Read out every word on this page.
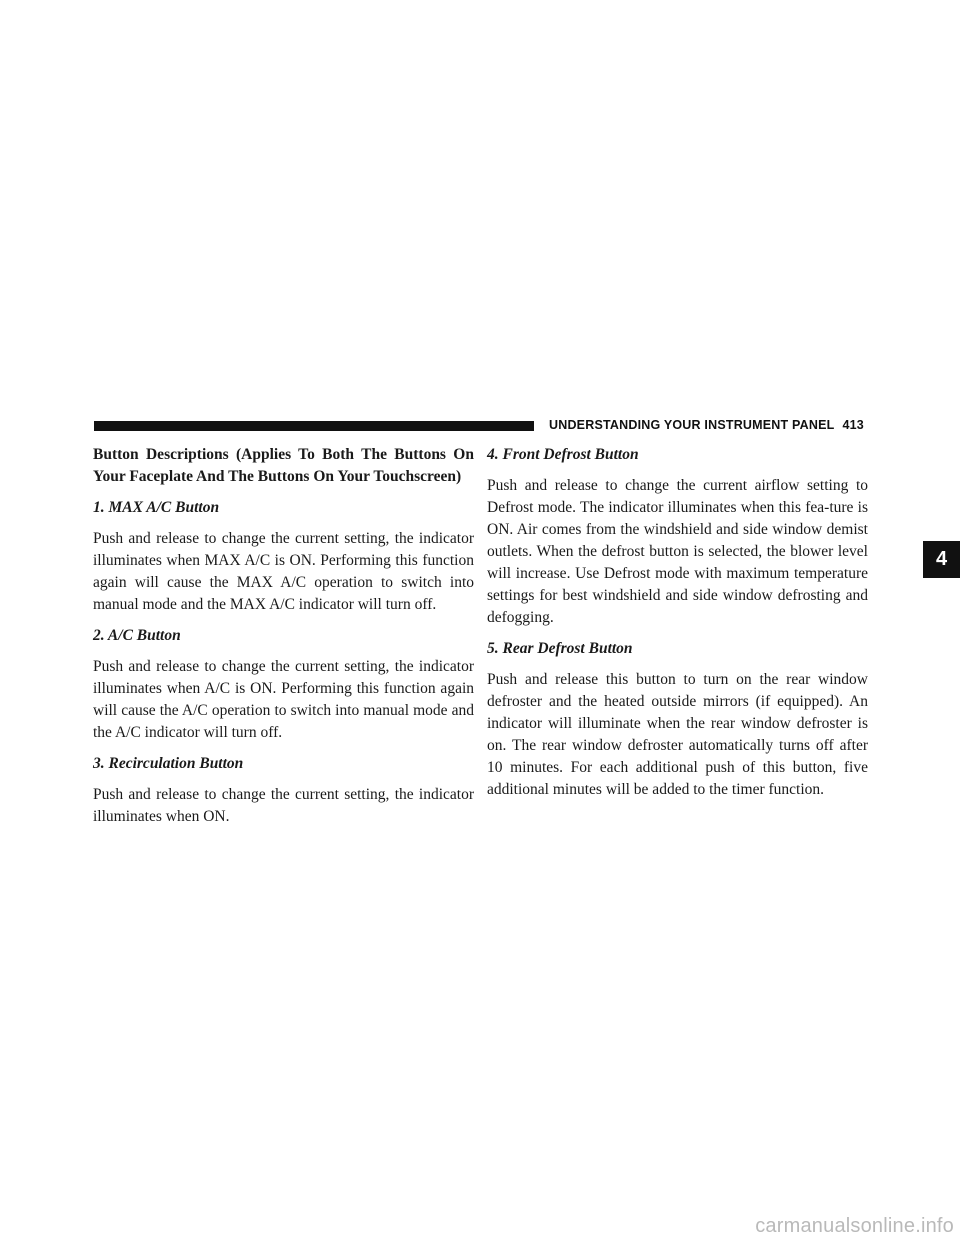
UNDERSTANDING YOUR INSTRUMENT PANEL 413

Button Descriptions (Applies To Both The Buttons On Your Faceplate And The Buttons On Your Touchscreen)

1. MAX A/C Button

Push and release to change the current setting, the indicator illuminates when MAX A/C is ON. Performing this function again will cause the MAX A/C operation to switch into manual mode and the MAX A/C indicator will turn off.

2. A/C Button

Push and release to change the current setting, the indicator illuminates when A/C is ON. Performing this function again will cause the A/C operation to switch into manual mode and the A/C indicator will turn off.

3. Recirculation Button

Push and release to change the current setting, the indicator illuminates when ON.

4. Front Defrost Button

Push and release to change the current airflow setting to Defrost mode. The indicator illuminates when this fea-ture is ON. Air comes from the windshield and side window demist outlets. When the defrost button is selected, the blower level will increase. Use Defrost mode with maximum temperature settings for best windshield and side window defrosting and defogging.

5. Rear Defrost Button

Push and release this button to turn on the rear window defroster and the heated outside mirrors (if equipped). An indicator will illuminate when the rear window defroster is on. The rear window defroster automatically turns off after 10 minutes. For each additional push of this button, five additional minutes will be added to the timer function.

4
carmanualsonline.info
